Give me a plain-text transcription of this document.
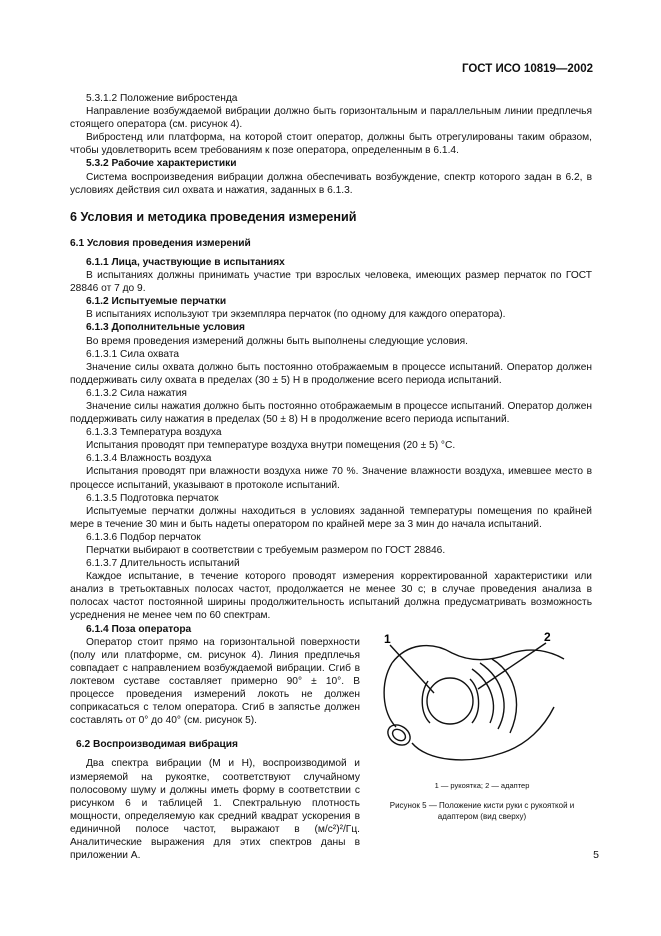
ГОСТ ИСО 10819—2002

5.3.1.2 Положение вибростенда

Направление возбуждаемой вибрации должно быть горизонтальным и параллельным линии предплечья стоящего оператора (см. рисунок 4).

Вибростенд или платформа, на которой стоит оператор, должны быть отрегулированы таким образом, чтобы удовлетворить всем требованиям к позе оператора, определенным в 6.1.4.

5.3.2 Рабочие характеристики

Система воспроизведения вибрации должна обеспечивать возбуждение, спектр которого задан в 6.2, в условиях действия сил охвата и нажатия, заданных в 6.1.3.

6 Условия и методика проведения измерений

6.1 Условия проведения измерений

6.1.1 Лица, участвующие в испытаниях

В испытаниях должны принимать участие три взрослых человека, имеющих размер перчаток по ГОСТ 28846 от 7 до 9.

6.1.2 Испытуемые перчатки

В испытаниях используют три экземпляра перчаток (по одному для каждого оператора).

6.1.3 Дополнительные условия

Во время проведения измерений должны быть выполнены следующие условия.

6.1.3.1 Сила охвата

Значение силы охвата должно быть постоянно отображаемым в процессе испытаний. Оператор должен поддерживать силу охвата в пределах (30 ± 5) Н в продолжение всего периода испытаний.

6.1.3.2 Сила нажатия

Значение силы нажатия должно быть постоянно отображаемым в процессе испытаний. Оператор должен поддерживать силу нажатия в пределах (50 ± 8) Н в продолжение всего периода испытаний.

6.1.3.3 Температура воздуха

Испытания проводят при температуре воздуха внутри помещения (20 ± 5) °С.

6.1.3.4 Влажность воздуха

Испытания проводят при влажности воздуха ниже 70 %. Значение влажности воздуха, имевшее место в процессе испытаний, указывают в протоколе испытаний.

6.1.3.5 Подготовка перчаток

Испытуемые перчатки должны находиться в условиях заданной температуры помещения по крайней мере в течение 30 мин и быть надеты оператором по крайней мере за 3 мин до начала испытаний.

6.1.3.6 Подбор перчаток

Перчатки выбирают в соответствии с требуемым размером по ГОСТ 28846.

6.1.3.7 Длительность испытаний

Каждое испытание, в течение которого проводят измерения корректированной характеристики или анализ в третьоктавных полосах частот, продолжается не менее 30 с; в случае проведения анализа в полосах частот постоянной ширины продолжительность испытаний должна предусматривать возможность усреднения не менее чем по 60 спектрам.

6.1.4 Поза оператора

Оператор стоит прямо на горизонтальной поверхности (полу или платформе, см. рисунок 4). Линия предплечья совпадает с направлением возбуждаемой вибрации. Сгиб в локтевом суставе составляет примерно 90° ± 10°. В процессе проведения измерений локоть не должен соприкасаться с телом оператора. Сгиб в запястье должен составлять от 0° до 40° (см. рисунок 5).

6.2 Воспроизводимая вибрация

Два спектра вибрации (М и Н), воспроизводимой и измеряемой на рукоятке, соответствуют случайному полосовому шуму и должны иметь форму в соответствии с рисунком 6 и таблицей 1. Спектральную плотность мощности, определяемую как средний квадрат ускорения в единичной полосе частот, выражают в (м/с²)²/Гц. Аналитические выражения для этих спектров даны в приложении А.

1	2
1 — рукоятка; 2 — адаптер
Рисунок 5 — Положение кисти руки с рукояткой и адаптером (вид сверху)
5
